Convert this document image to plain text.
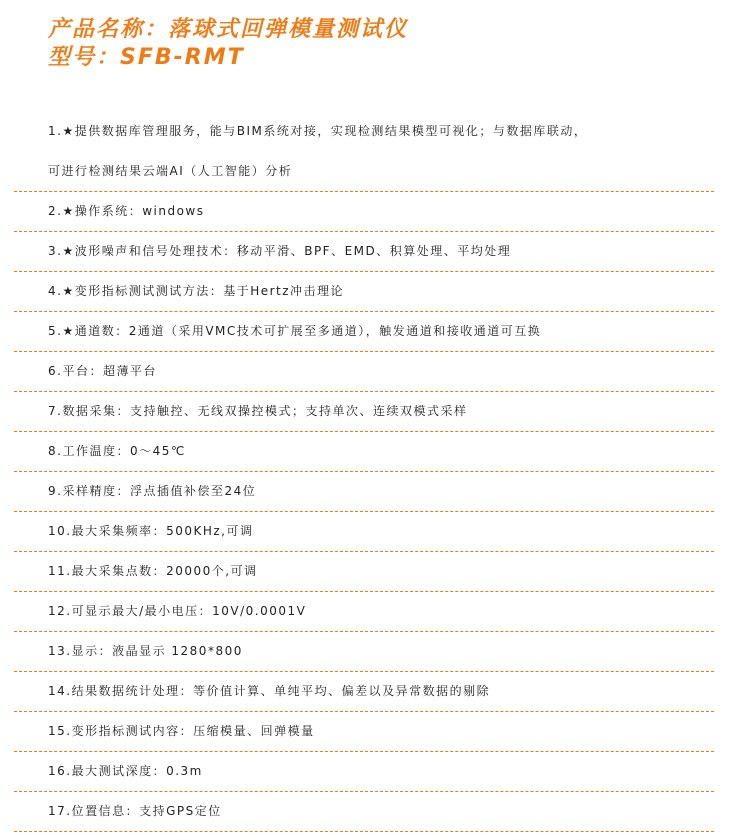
产品名称：落球式回弹模量测试仪
型号：SFB-RMT
1.★提供数据库管理服务，能与BIM系统对接，实现检测结果模型可视化；与数据库联动，
可进行检测结果云端AI（人工智能）分析
2.★操作系统：windows
3.★波形噪声和信号处理技术：移动平滑、BPF、EMD、积算处理、平均处理
4.★变形指标测试测试方法：基于Hertz冲击理论
5.★通道数：2通道（采用VMC技术可扩展至多通道），触发通道和接收通道可互换
6.平台：超薄平台
7.数据采集：支持触控、无线双操控模式；支持单次、连续双模式采样
8.工作温度：0～45℃
9.采样精度：浮点插值补偿至24位
10.最大采集频率：500KHz,可调
11.最大采集点数：20000个,可调
12.可显示最大/最小电压：10V/0.0001V
13.显示：液晶显示 1280*800
14.结果数据统计处理：等价值计算、单纯平均、偏差以及异常数据的剔除
15.变形指标测试内容：压缩模量、回弹模量
16.最大测试深度：0.3m
17.位置信息：支持GPS定位
